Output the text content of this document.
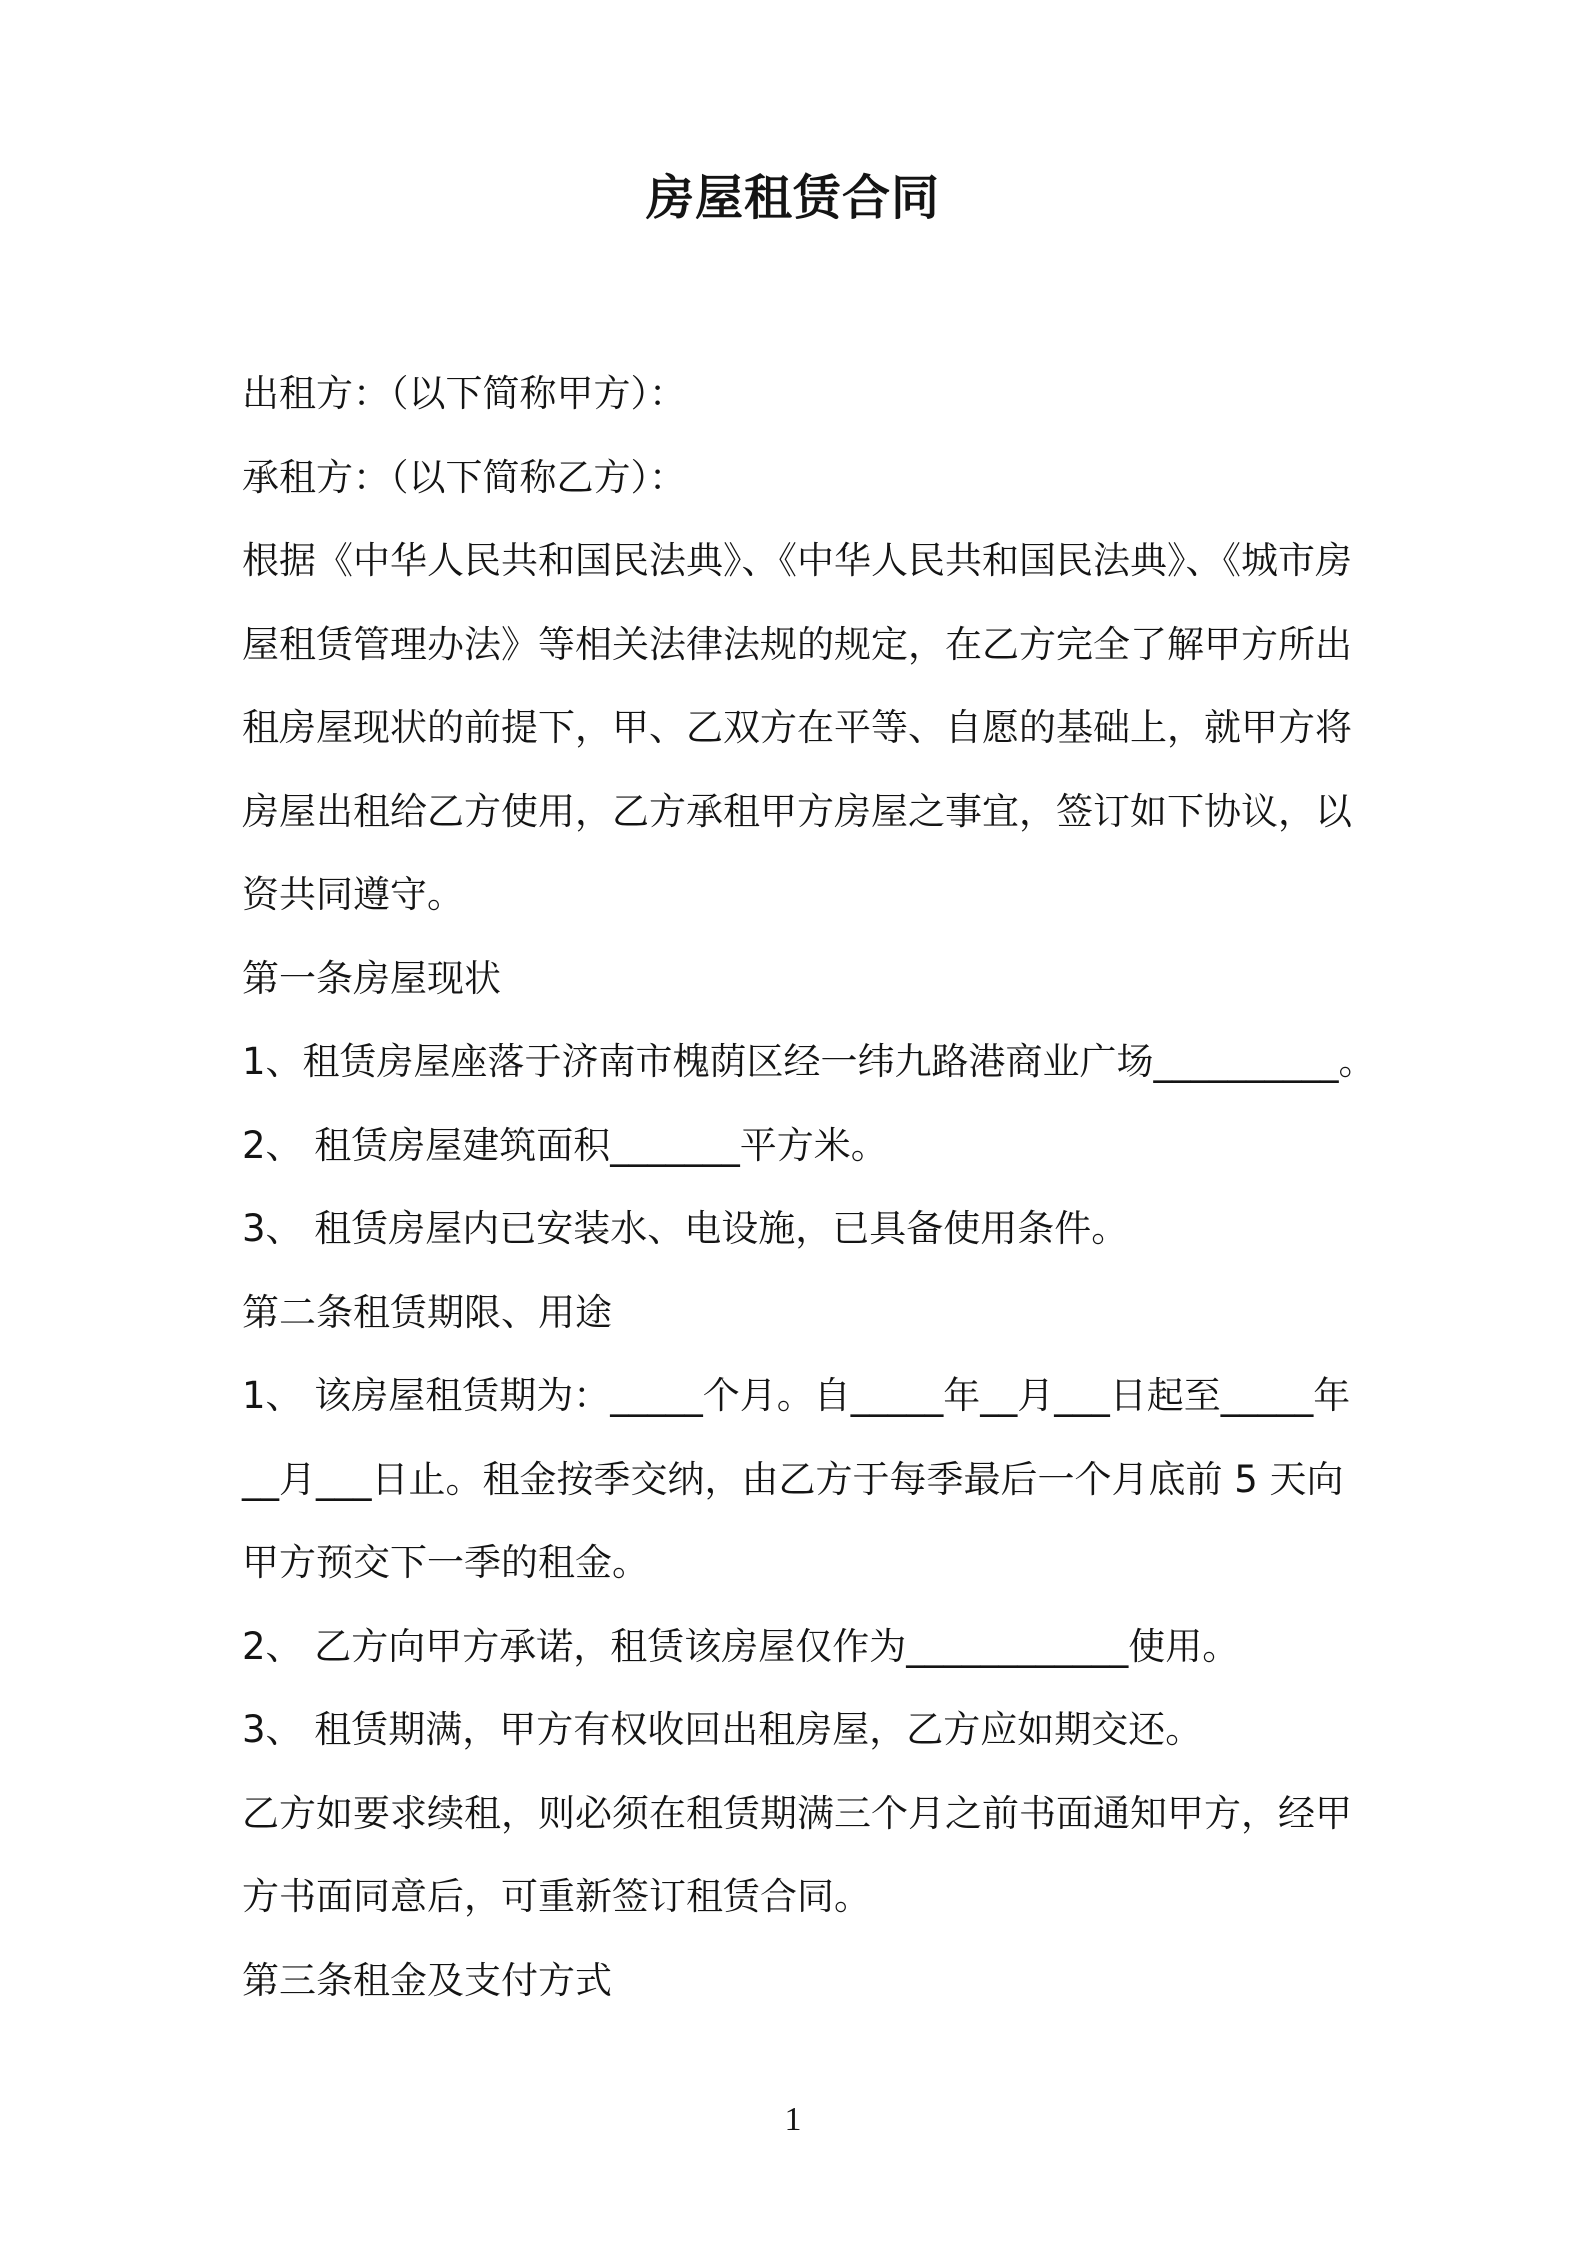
房屋租赁合同

出租方：（以下简称甲方）：

承租方：（以下简称乙方）：

根据《中华人民共和国民法典》、《中华人民共和国民法典》、《城市房屋租赁管理办法》等相关法律法规的规定，在乙方完全了解甲方所出租房屋现状的前提下，甲、乙双方在平等、自愿的基础上，就甲方将房屋出租给乙方使用，乙方承租甲方房屋之事宜，签订如下协议，以资共同遵守。

第一条房屋现状

1、租赁房屋座落于济南市槐荫区经一纬九路港商业广场__________。

2、 租赁房屋建筑面积_______平方米。

3、 租赁房屋内已安装水、电设施，已具备使用条件。

第二条租赁期限、用途

1、 该房屋租赁期为：_____个月。自_____年__月___日起至_____年__月___日止。租金按季交纳，由乙方于每季最后一个月底前 5 天向甲方预交下一季的租金。

2、 乙方向甲方承诺，租赁该房屋仅作为____________使用。

3、 租赁期满，甲方有权收回出租房屋，乙方应如期交还。

乙方如要求续租，则必须在租赁期满三个月之前书面通知甲方，经甲方书面同意后，可重新签订租赁合同。

第三条租金及支付方式

1
